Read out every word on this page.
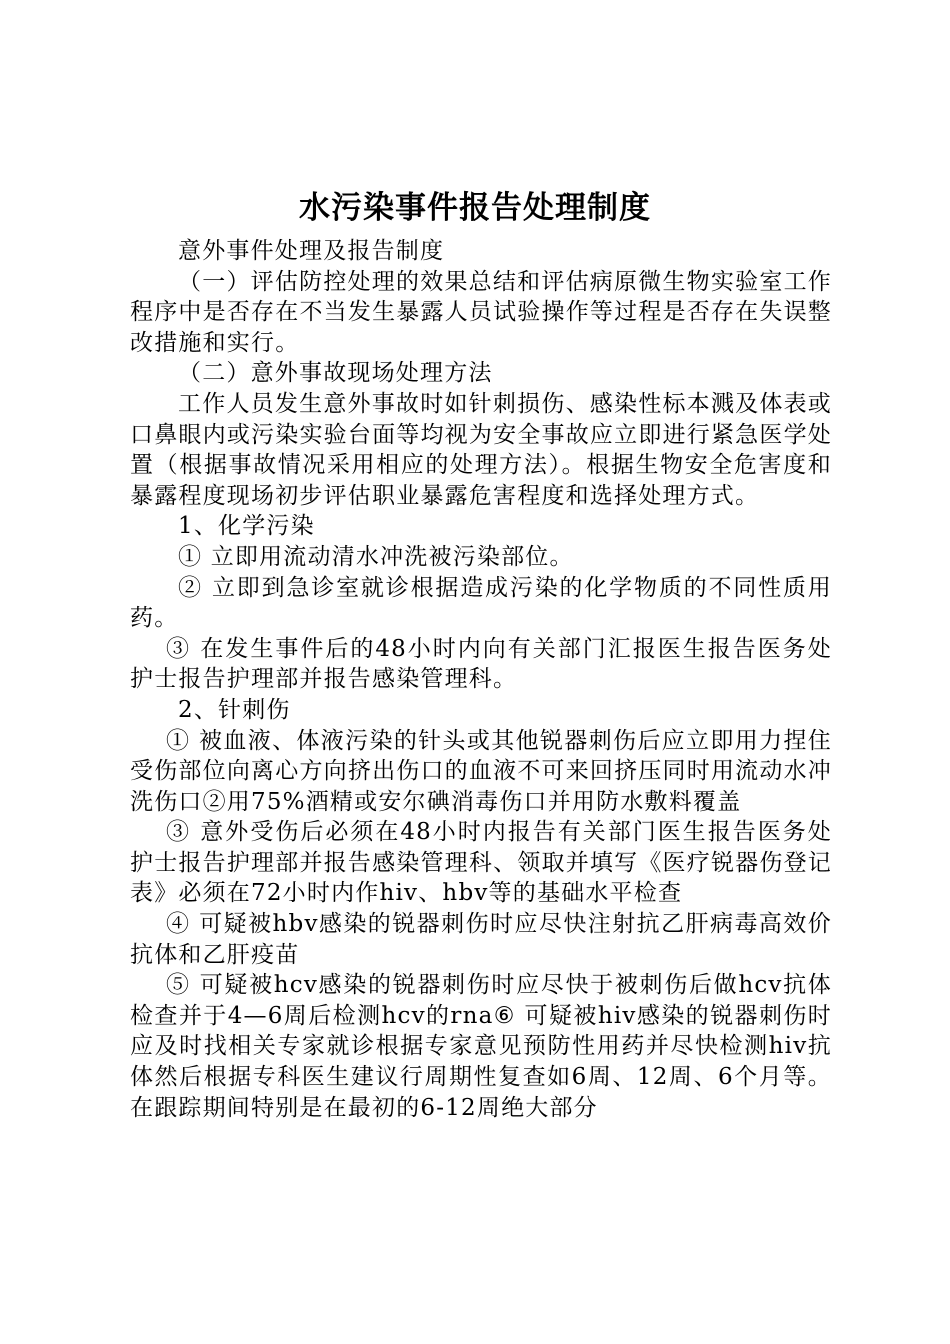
水污染事件报告处理制度

意外事件处理及报告制度

（一）评估防控处理的效果总结和评估病原微生物实验室工作程序中是否存在不当发生暴露人员试验操作等过程是否存在失误整改措施和实行。

（二）意外事故现场处理方法

工作人员发生意外事故时如针刺损伤、感染性标本溅及体表或口鼻眼内或污染实验台面等均视为安全事故应立即进行紧急医学处置（根据事故情况采用相应的处理方法）。根据生物安全危害度和暴露程度现场初步评估职业暴露危害程度和选择处理方式。

1、化学污染

① 立即用流动清水冲洗被污染部位。

② 立即到急诊室就诊根据造成污染的化学物质的不同性质用药。

③ 在发生事件后的48小时内向有关部门汇报医生报告医务处护士报告护理部并报告感染管理科。

2、针刺伤

① 被血液、体液污染的针头或其他锐器刺伤后应立即用力捏住受伤部位向离心方向挤出伤口的血液不可来回挤压同时用流动水冲洗伤口②用75%酒精或安尔碘消毒伤口并用防水敷料覆盖

③ 意外受伤后必须在48小时内报告有关部门医生报告医务处护士报告护理部并报告感染管理科、领取并填写《医疗锐器伤登记表》必须在72小时内作hiv、hbv等的基础水平检查

④ 可疑被hbv感染的锐器刺伤时应尽快注射抗乙肝病毒高效价抗体和乙肝疫苗

⑤ 可疑被hcv感染的锐器刺伤时应尽快于被刺伤后做hcv抗体检查并于4—6周后检测hcv的rna⑥ 可疑被hiv感染的锐器刺伤时应及时找相关专家就诊根据专家意见预防性用药并尽快检测hiv抗体然后根据专科医生建议行周期性复查如6周、12周、6个月等。在跟踪期间特别是在最初的6-12周绝大部分
